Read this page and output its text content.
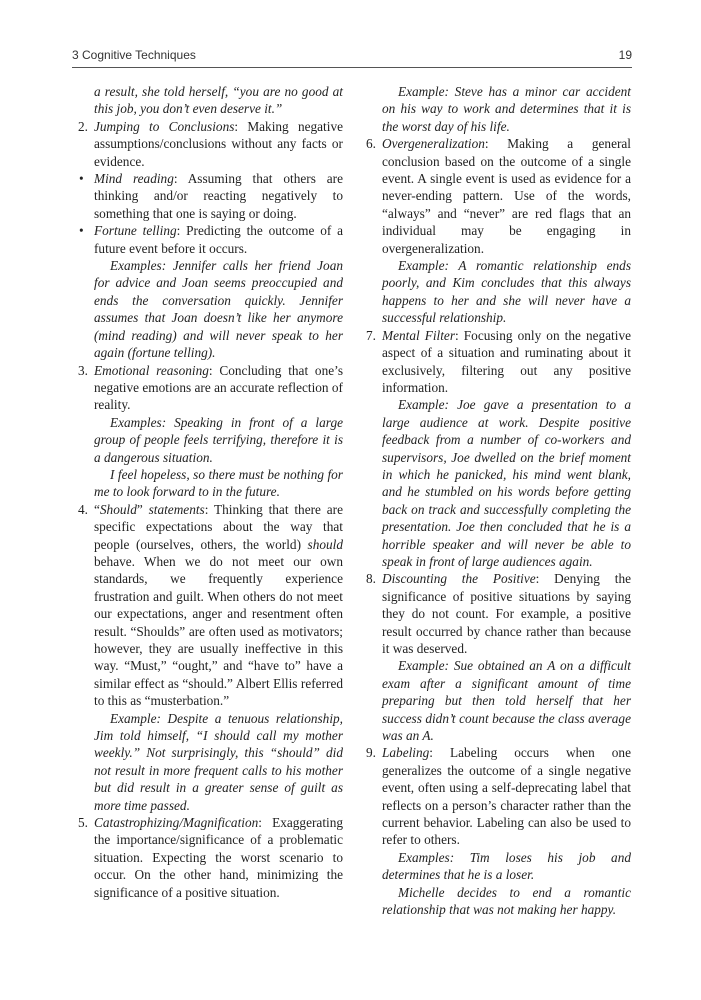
3 Cognitive Techniques	19

a result, she told herself, “you are no good at this job, you don’t even deserve it.”

2. Jumping to Conclusions: Making negative assumptions/conclusions without any facts or evidence.

• Mind reading: Assuming that others are thinking and/or reacting negatively to something that one is saying or doing.

• Fortune telling: Predicting the outcome of a future event before it occurs.

Examples: Jennifer calls her friend Joan for advice and Joan seems preoccupied and ends the conversation quickly. Jennifer assumes that Joan doesn’t like her anymore (mind reading) and will never speak to her again (fortune telling).

3. Emotional reasoning: Concluding that one’s negative emotions are an accurate reflection of reality.

Examples: Speaking in front of a large group of people feels terrifying, therefore it is a dangerous situation.

I feel hopeless, so there must be nothing for me to look forward to in the future.

4. “Should” statements: Thinking that there are specific expectations about the way that people (ourselves, others, the world) should behave. When we do not meet our own standards, we frequently experience frustration and guilt. When others do not meet our expectations, anger and resentment often result. “Shoulds” are often used as motivators; however, they are usually ineffective in this way. “Must,” “ought,” and “have to” have a similar effect as “should.” Albert Ellis referred to this as “musterbation.”

Example: Despite a tenuous relationship, Jim told himself, “I should call my mother weekly.” Not surprisingly, this “should” did not result in more frequent calls to his mother but did result in a greater sense of guilt as more time passed.

5. Catastrophizing/Magnification: Exaggerating the importance/significance of a problematic situation. Expecting the worst scenario to occur. On the other hand, minimizing the significance of a positive situation.

Example: Steve has a minor car accident on his way to work and determines that it is the worst day of his life.

6. Overgeneralization: Making a general conclusion based on the outcome of a single event. A single event is used as evidence for a never-ending pattern. Use of the words, “always” and “never” are red flags that an individual may be engaging in overgeneralization.

Example: A romantic relationship ends poorly, and Kim concludes that this always happens to her and she will never have a successful relationship.

7. Mental Filter: Focusing only on the negative aspect of a situation and ruminating about it exclusively, filtering out any positive information.

Example: Joe gave a presentation to a large audience at work. Despite positive feedback from a number of co-workers and supervisors, Joe dwelled on the brief moment in which he panicked, his mind went blank, and he stumbled on his words before getting back on track and successfully completing the presentation. Joe then concluded that he is a horrible speaker and will never be able to speak in front of large audiences again.

8. Discounting the Positive: Denying the significance of positive situations by saying they do not count. For example, a positive result occurred by chance rather than because it was deserved.

Example: Sue obtained an A on a difficult exam after a significant amount of time preparing but then told herself that her success didn’t count because the class average was an A.

9. Labeling: Labeling occurs when one generalizes the outcome of a single negative event, often using a self-deprecating label that reflects on a person’s character rather than the current behavior. Labeling can also be used to refer to others.

Examples: Tim loses his job and determines that he is a loser.

Michelle decides to end a romantic relationship that was not making her happy.
